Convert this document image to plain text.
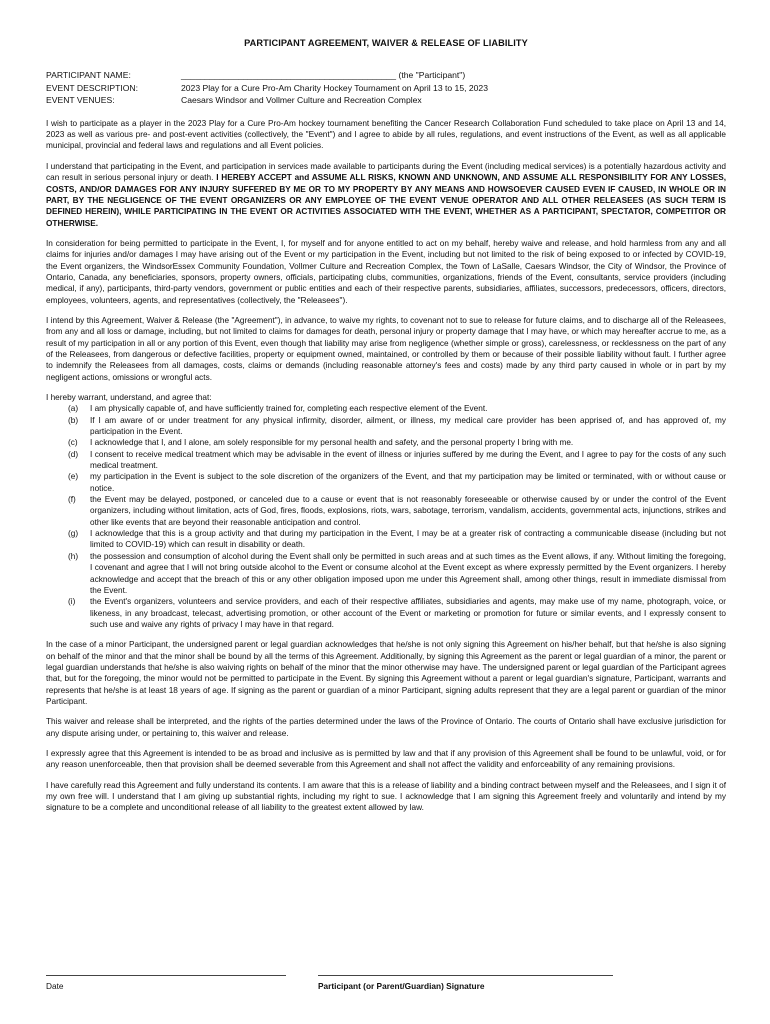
PARTICIPANT AGREEMENT, WAIVER & RELEASE OF LIABILITY
PARTICIPANT NAME:	_____________________________________________ (the "Participant")
EVENT DESCRIPTION:	2023 Play for a Cure Pro-Am Charity Hockey Tournament on April 13 to 15, 2023
EVENT VENUES:	Caesars Windsor and Vollmer Culture and Recreation Complex

I wish to participate as a player in the 2023 Play for a Cure Pro-Am hockey tournament benefiting the Cancer Research Collaboration Fund scheduled to take place on April 13 and 14, 2023 as well as various pre- and post-event activities (collectively, the "Event") and I agree to abide by all rules, regulations, and event instructions of the Event, as well as all applicable municipal, provincial and federal laws and regulations and all Event policies.

I understand that participating in the Event, and participation in services made available to participants during the Event (including medical services) is a potentially hazardous activity and can result in serious personal injury or death. I HEREBY ACCEPT and ASSUME ALL RISKS, KNOWN AND UNKNOWN, AND ASSUME ALL RESPONSIBILITY FOR ANY LOSSES, COSTS, AND/OR DAMAGES FOR ANY INJURY SUFFERED BY ME OR TO MY PROPERTY BY ANY MEANS AND HOWSOEVER CAUSED EVEN IF CAUSED, IN WHOLE OR IN PART, BY THE NEGLIGENCE OF THE EVENT ORGANIZERS OR ANY EMPLOYEE OF THE EVENT VENUE OPERATOR AND ALL OTHER RELEASEES (AS SUCH TERM IS DEFINED HEREIN), WHILE PARTICIPATING IN THE EVENT OR ACTIVITIES ASSOCIATED WITH THE EVENT, WHETHER AS A PARTICIPANT, SPECTATOR, COMPETITOR OR OTHERWISE.

In consideration for being permitted to participate in the Event, I, for myself and for anyone entitled to act on my behalf, hereby waive and release, and hold harmless from any and all claims for injuries and/or damages I may have arising out of the Event or my participation in the Event, including but not limited to the risk of being exposed to or infected by COVID-19, the Event organizers, the WindsorEssex Community Foundation, Vollmer Culture and Recreation Complex, the Town of LaSalle, Caesars Windsor, the City of Windsor, the Province of Ontario, Canada, any beneficiaries, sponsors, property owners, officials, participating clubs, communities, organizations, friends of the Event, consultants, service providers (including medical, if any), participants, third-party vendors, government or public entities and each of their respective parents, subsidiaries, affiliates, successors, predecessors, officers, directors, employees, volunteers, agents, and representatives (collectively, the "Releasees").

I intend by this Agreement, Waiver & Release (the "Agreement"), in advance, to waive my rights, to covenant not to sue to release for future claims, and to discharge all of the Releasees, from any and all loss or damage, including, but not limited to claims for damages for death, personal injury or property damage that I may have, or which may hereafter accrue to me, as a result of my participation in all or any portion of this Event, even though that liability may arise from negligence (whether simple or gross), carelessness, or recklessness on the part of any of the Releasees, from dangerous or defective facilities, property or equipment owned, maintained, or controlled by them or because of their possible liability without fault. I further agree to indemnify the Releasees from all damages, costs, claims or demands (including reasonable attorney's fees and costs) made by any third party caused in whole or in part by my negligent actions, omissions or wrongful acts.

I hereby warrant, understand, and agree that:
(a)	I am physically capable of, and have sufficiently trained for, completing each respective element of the Event.
(b)	If I am aware of or under treatment for any physical infirmity, disorder, ailment, or illness, my medical care provider has been apprised of, and has approved of, my participation in the Event.
(c)	I acknowledge that I, and I alone, am solely responsible for my personal health and safety, and the personal property I bring with me.
(d)	I consent to receive medical treatment which may be advisable in the event of illness or injuries suffered by me during the Event, and I agree to pay for the costs of any such medical treatment.
(e)	my participation in the Event is subject to the sole discretion of the organizers of the Event, and that my participation may be limited or terminated, with or without cause or notice.
(f)	the Event may be delayed, postponed, or canceled due to a cause or event that is not reasonably foreseeable or otherwise caused by or under the control of the Event organizers, including without limitation, acts of God, fires, floods, explosions, riots, wars, sabotage, terrorism, vandalism, accidents, governmental acts, injunctions, strikes and other like events that are beyond their reasonable anticipation and control.
(g)	I acknowledge that this is a group activity and that during my participation in the Event, I may be at a greater risk of contracting a communicable disease (including but not limited to COVID-19) which can result in disability or death.
(h)	the possession and consumption of alcohol during the Event shall only be permitted in such areas and at such times as the Event allows, if any. Without limiting the foregoing, I covenant and agree that I will not bring outside alcohol to the Event or consume alcohol at the Event except as where expressly permitted by the Event organizers. I hereby acknowledge and accept that the breach of this or any other obligation imposed upon me under this Agreement shall, among other things, result in immediate dismissal from the Event.
(i)	the Event's organizers, volunteers and service providers, and each of their respective affiliates, subsidiaries and agents, may make use of my name, photograph, voice, or likeness, in any broadcast, telecast, advertising promotion, or other account of the Event or marketing or promotion for future or similar events, and I expressly consent to such use and waive any rights of privacy I may have in that regard.

In the case of a minor Participant, the undersigned parent or legal guardian acknowledges that he/she is not only signing this Agreement on his/her behalf, but that he/she is also signing on behalf of the minor and that the minor shall be bound by all the terms of this Agreement. Additionally, by signing this Agreement as the parent or legal guardian of a minor, the parent or legal guardian understands that he/she is also waiving rights on behalf of the minor that the minor otherwise may have. The undersigned parent or legal guardian of the Participant agrees that, but for the foregoing, the minor would not be permitted to participate in the Event. By signing this Agreement without a parent or legal guardian's signature, Participant, warrants and represents that he/she is at least 18 years of age. If signing as the parent or guardian of a minor Participant, signing adults represent that they are a legal parent or guardian of the minor Participant.

This waiver and release shall be interpreted, and the rights of the parties determined under the laws of the Province of Ontario. The courts of Ontario shall have exclusive jurisdiction for any dispute arising under, or pertaining to, this waiver and release.

I expressly agree that this Agreement is intended to be as broad and inclusive as is permitted by law and that if any provision of this Agreement shall be found to be unlawful, void, or for any reason unenforceable, then that provision shall be deemed severable from this Agreement and shall not affect the validity and enforceability of any remaining provisions.

I have carefully read this Agreement and fully understand its contents. I am aware that this is a release of liability and a binding contract between myself and the Releasees, and I sign it of my own free will. I understand that I am giving up substantial rights, including my right to sue. I acknowledge that I am signing this Agreement freely and voluntarily and intend by my signature to be a complete and unconditional release of all liability to the greatest extent allowed by law.

Date	Participant (or Parent/Guardian) Signature
